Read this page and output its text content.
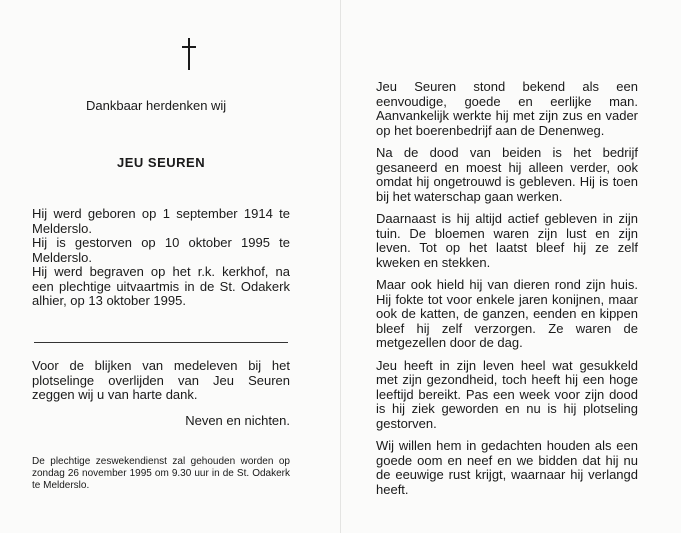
Dankbaar herdenken wij
JEU SEUREN

Hij werd geboren op 1 september 1914 te Melderslo.

Hij is gestorven op 10 oktober 1995 te Melderslo.

Hij werd begraven op het r.k. kerkhof, na een plechtige uitvaartmis in de St. Odakerk alhier, op 13 oktober 1995.

Voor de blijken van medeleven bij het plotselinge overlijden van Jeu Seuren zeggen wij u van harte dank.

Neven en nichten.
De plechtige zeswekendienst zal gehouden worden op zondag 26 november 1995 om 9.30 uur in de St. Odakerk te Melderslo.

Jeu Seuren stond bekend als een eenvoudige, goede en eerlijke man. Aanvankelijk werkte hij met zijn zus en vader op het boerenbedrijf aan de Denenweg.

Na de dood van beiden is het bedrijf gesaneerd en moest hij alleen verder, ook omdat hij ongetrouwd is gebleven. Hij is toen bij het waterschap gaan werken.

Daarnaast is hij altijd actief gebleven in zijn tuin. De bloemen waren zijn lust en zijn leven. Tot op het laatst bleef hij ze zelf kweken en stekken.

Maar ook hield hij van dieren rond zijn huis. Hij fokte tot voor enkele jaren konijnen, maar ook de katten, de ganzen, eenden en kippen bleef hij zelf verzorgen. Ze waren de metgezellen door de dag.

Jeu heeft in zijn leven heel wat gesukkeld met zijn gezondheid, toch heeft hij een hoge leeftijd bereikt. Pas een week voor zijn dood is hij ziek geworden en nu is hij plotseling gestorven.

Wij willen hem in gedachten houden als een goede oom en neef en we bidden dat hij nu de eeuwige rust krijgt, waarnaar hij verlangd heeft.
